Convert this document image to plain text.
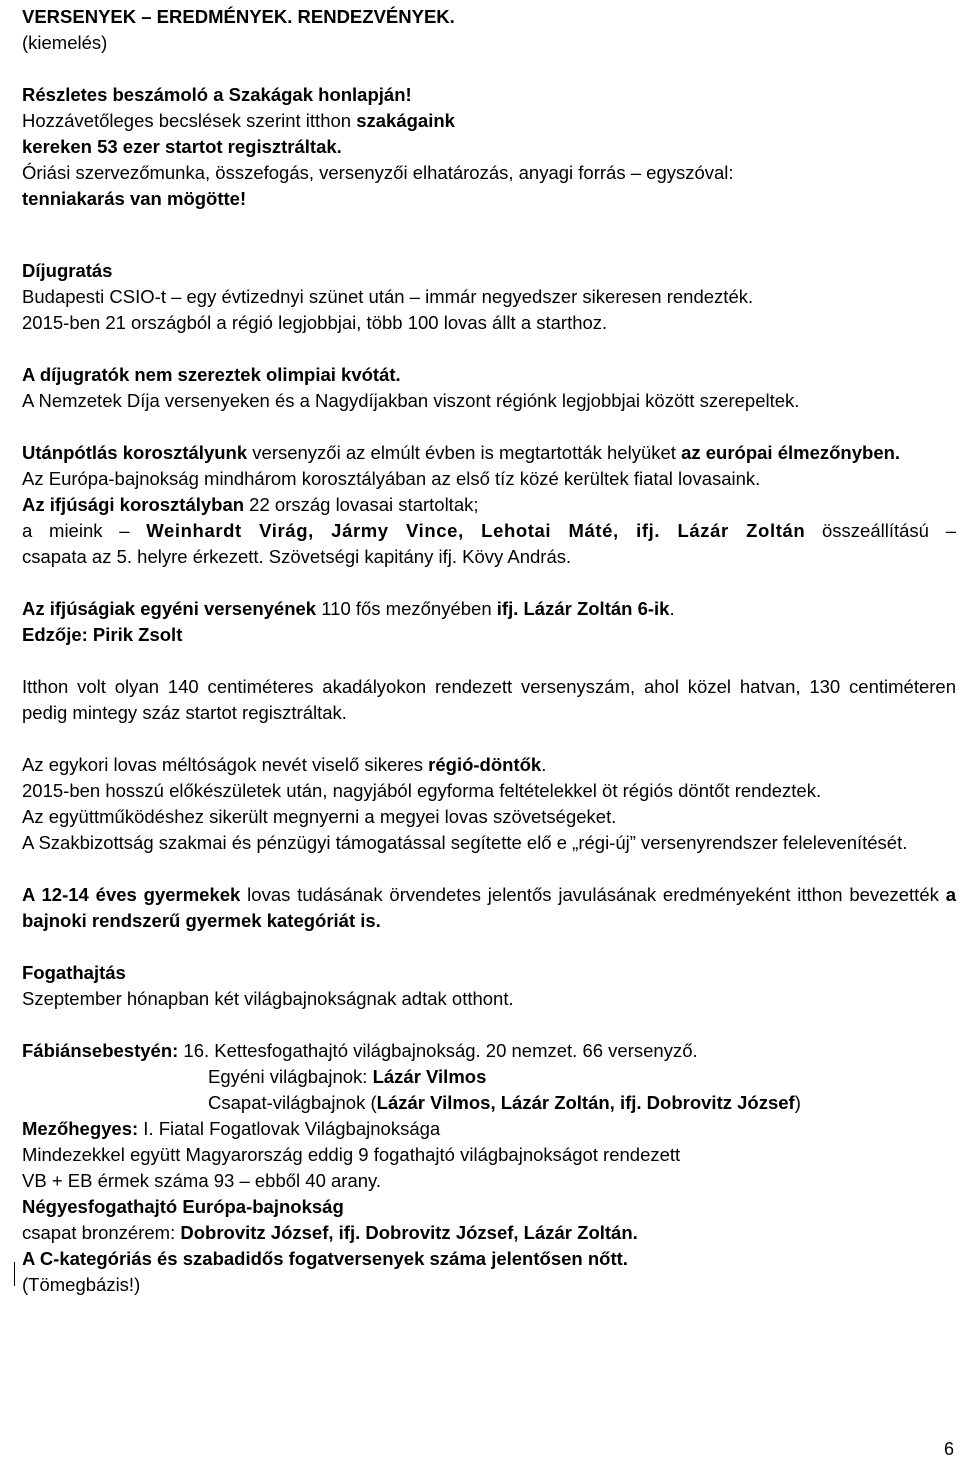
VERSENYEK – EREDMÉNYEK. RENDEZVÉNYEK.
(kiemelés)
Részletes beszámoló a Szakágak honlapján!
Hozzávetőleges becslések szerint itthon szakágaink
kereken 53 ezer startot regisztráltak.
Óriási szervezőmunka, összefogás, versenyzői elhatározás, anyagi forrás – egyszóval:
tenniakarás van mögötte!
Díjugratás
Budapesti CSIO-t – egy évtizednyi szünet után – immár negyedszer sikeresen rendezték.
2015-ben 21 országból a régió legjobbjai, több 100 lovas állt a starthoz.
A díjugratók nem szereztek olimpiai kvótát.
A Nemzetek Díja versenyeken és a Nagydíjakban viszont régiónk legjobbjai között szerepeltek.
Utánpótlás korosztályunk versenyzői az elmúlt évben is megtartották helyüket az európai élmezőnyben.
Az Európa-bajnokság mindhárom korosztályában az első tíz közé kerültek fiatal lovasaink.
Az ifjúsági korosztályban 22 ország lovasai startoltak;
a mieink – Weinhardt Virág, Jármy Vince, Lehotai Máté, ifj. Lázár Zoltán összeállítású –
csapata az 5. helyre érkezett. Szövetségi kapitány ifj. Kövy András.
Az ifjúságiak egyéni versenyének 110 fős mezőnyében ifj. Lázár Zoltán 6-ik.
Edzője: Pirik Zsolt
Itthon volt olyan 140 centiméteres akadályokon rendezett versenyszám, ahol közel hatvan, 130 centiméteren pedig mintegy száz startot regisztráltak.
Az egykori lovas méltóságok nevét viselő sikeres régió-döntők.
2015-ben hosszú előkészületek után, nagyjából egyforma feltételekkel öt régiós döntőt rendeztek.
Az együttműködéshez sikerült megnyerni a megyei lovas szövetségeket.
A Szakbizottság szakmai és pénzügyi támogatással segítette elő e „régi-új” versenyrendszer felelevenítését.
A 12-14 éves gyermekek lovas tudásának örvendetes jelentős javulásának eredményeként itthon bevezették a bajnoki rendszerű gyermek kategóriát is.
Fogathajtás
Szeptember hónapban két világbajnokságnak adtak otthont.
Fábiánsebestyén: 16. Kettesfogathajtó világbajnokság. 20 nemzet. 66 versenyző.
Egyéni világbajnok: Lázár Vilmos
Csapat-világbajnok (Lázár Vilmos, Lázár Zoltán, ifj. Dobrovitz József)
Mezőhegyes: I. Fiatal Fogatlovak Világbajnoksága
Mindezekkel együtt Magyarország eddig 9 fogathajtó világbajnokságot rendezett
VB + EB érmek száma 93 – ebből 40 arany.
Négyesfogathajtó Európa-bajnokság
csapat bronzérem: Dobrovitz József, ifj. Dobrovitz József, Lázár Zoltán.
A C-kategóriás és szabadidős fogatversenyek száma jelentősen nőtt.
(Tömegbázis!)
6
